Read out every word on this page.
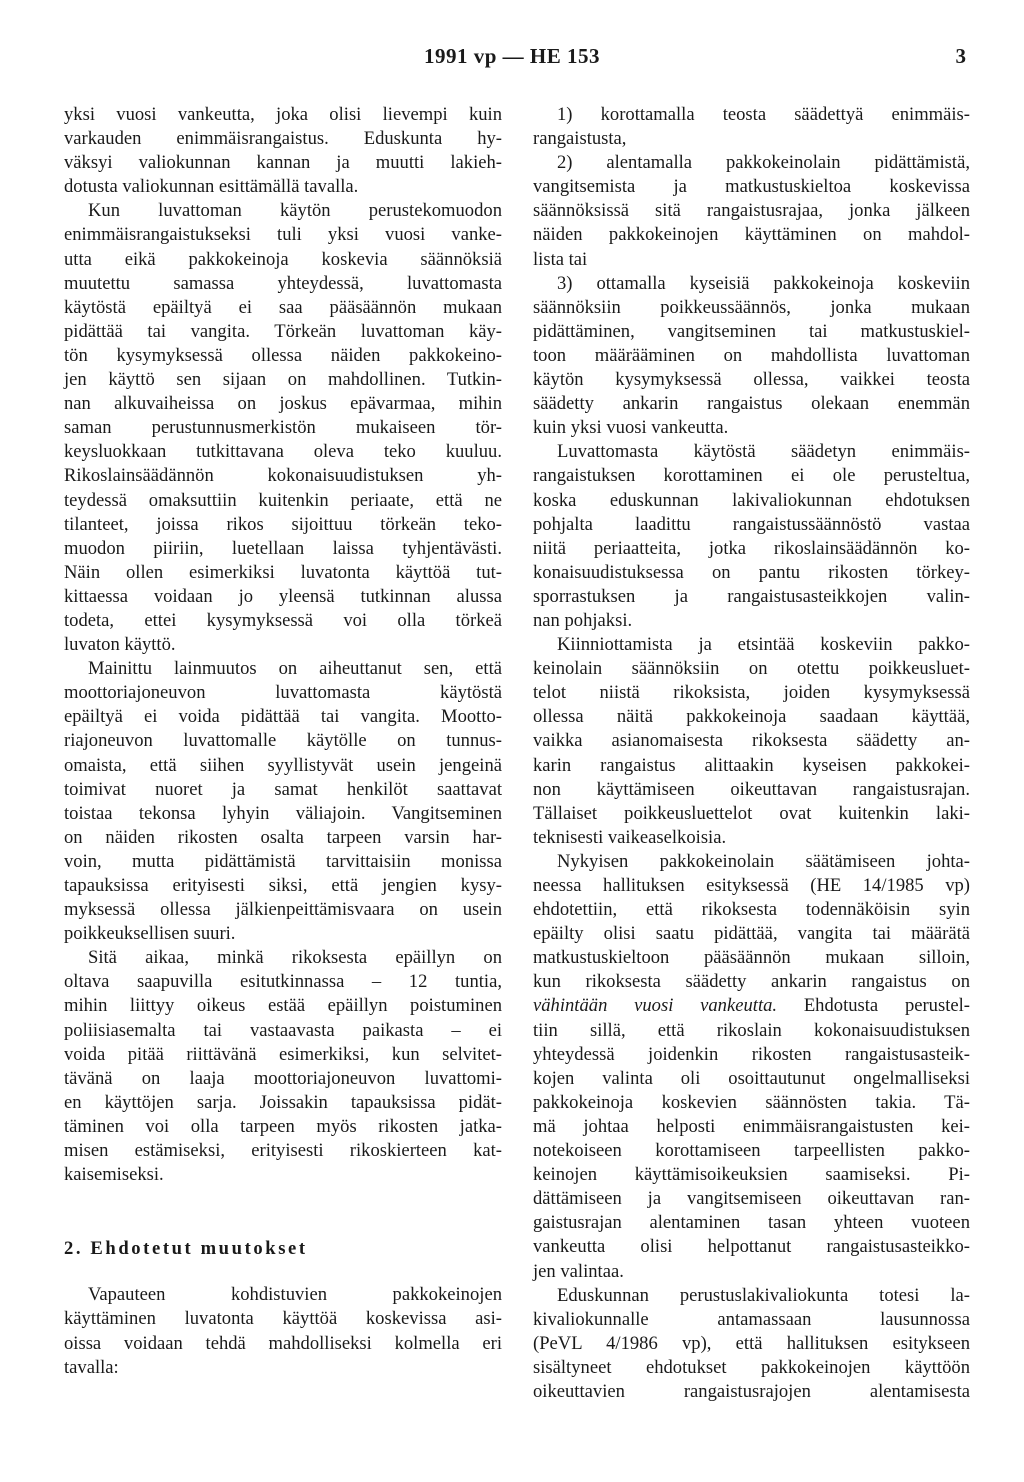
1991 vp — HE 153	3
yksi vuosi vankeutta, joka olisi lievempi kuin
varkauden enimmäisrangaistus. Eduskunta hy-
väksyi valiokunnan kannan ja muutti lakieh-
dotusta valiokunnan esittämällä tavalla.
Kun luvattoman käytön perustekomuodon
enimmäisrangaistukseksi tuli yksi vuosi vanke-
utta eikä pakkokeinoja koskevia säännöksiä
muutettu samassa yhteydessä, luvattomasta
käytöstä epäiltyä ei saa pääsäännön mukaan
pidättää tai vangita. Törkeän luvattoman käy-
tön kysymyksessä ollessa näiden pakkokeino-
jen käyttö sen sijaan on mahdollinen. Tutkin-
nan alkuvaiheissa on joskus epävarmaa, mihin
saman perustunnusmerkistön mukaiseen tör-
keysluokkaan tutkittavana oleva teko kuuluu.
Rikoslainsäädännön kokonaisuudistuksen yh-
teydessä omaksuttiin kuitenkin periaate, että ne
tilanteet, joissa rikos sijoittuu törkeän teko-
muodon piiriin, luetellaan laissa tyhjentävästi.
Näin ollen esimerkiksi luvatonta käyttöä tut-
kittaessa voidaan jo yleensä tutkinnan alussa
todeta, ettei kysymyksessä voi olla törkeä
luvaton käyttö.
Mainittu lainmuutos on aiheuttanut sen, että
moottoriajoneuvon luvattomasta käytöstä
epäiltyä ei voida pidättää tai vangita. Mootto-
riajoneuvon luvattomalle käytölle on tunnus-
omaista, että siihen syyllistyvät usein jengeinä
toimivat nuoret ja samat henkilöt saattavat
toistaa tekonsa lyhyin väliajoin. Vangitseminen
on näiden rikosten osalta tarpeen varsin har-
voin, mutta pidättämistä tarvittaisiin monissa
tapauksissa erityisesti siksi, että jengien kysy-
myksessä ollessa jälkienpeittämisvaara on usein
poikkeuksellisen suuri.
Sitä aikaa, minkä rikoksesta epäillyn on
oltava saapuvilla esitutkinnassa – 12 tuntia,
mihin liittyy oikeus estää epäillyn poistuminen
poliisiasemalta tai vastaavasta paikasta – ei
voida pitää riittävänä esimerkiksi, kun selvitet-
tävänä on laaja moottoriajoneuvon luvattomi-
en käyttöjen sarja. Joissakin tapauksissa pidät-
täminen voi olla tarpeen myös rikosten jatka-
misen estämiseksi, erityisesti rikoskierteen kat-
kaisemiseksi.
2. Ehdotetut muutokset
Vapauteen kohdistuvien pakkokeinojen
käyttäminen luvatonta käyttöä koskevissa asi-
oissa voidaan tehdä mahdolliseksi kolmella eri
tavalla:
1) korottamalla teosta säädettyä enimmäis-
rangaistusta,
2) alentamalla pakkokeinolain pidättämistä,
vangitsemista ja matkustuskieltoa koskevissa
säännöksissä sitä rangaistusrajaa, jonka jälkeen
näiden pakkokeinojen käyttäminen on mahdol-
lista tai
3) ottamalla kyseisiä pakkokeinoja koskeviin
säännöksiin poikkeussäännös, jonka mukaan
pidättäminen, vangitseminen tai matkustuskiel-
toon määrääminen on mahdollista luvattoman
käytön kysymyksessä ollessa, vaikkei teosta
säädetty ankarin rangaistus olekaan enemmän
kuin yksi vuosi vankeutta.
Luvattomasta käytöstä säädetyn enimmäis-
rangaistuksen korottaminen ei ole perusteltua,
koska eduskunnan lakivaliokunnan ehdotuksen
pohjalta laadittu rangaistussäännöstö vastaa
niitä periaatteita, jotka rikoslainsäädännön ko-
konaisuudistuksessa on pantu rikosten törkey-
sporrastuksen ja rangaistusasteikkojen valin-
nan pohjaksi.
Kiinniottamista ja etsintää koskeviin pakko-
keinolain säännöksiin on otettu poikkeusluet-
telot niistä rikoksista, joiden kysymyksessä
ollessa näitä pakkokeinoja saadaan käyttää,
vaikka asianomaisesta rikoksesta säädetty an-
karin rangaistus alittaakin kyseisen pakkokei-
non käyttämiseen oikeuttavan rangaistusrajan.
Tällaiset poikkeusluettelot ovat kuitenkin laki-
teknisesti vaikeaselkoisia.
Nykyisen pakkokeinolain säätämiseen johta-
neessa hallituksen esityksessä (HE 14/1985 vp)
ehdotettiin, että rikoksesta todennäköisin syin
epäilty olisi saatu pidättää, vangita tai määrätä
matkustuskieltoon pääsäännön mukaan silloin,
kun rikoksesta säädetty ankarin rangaistus on
vähintään vuosi vankeutta. Ehdotusta perustel-
tiin sillä, että rikoslain kokonaisuudistuksen
yhteydessä joidenkin rikosten rangaistusasteik-
kojen valinta oli osoittautunut ongelmalliseksi
pakkokeinoja koskevien säännösten takia. Tä-
mä johtaa helposti enimmäisrangaistusten kei-
notekoiseen korottamiseen tarpeellisten pakko-
keinojen käyttämisoikeuksien saamiseksi. Pi-
dättämiseen ja vangitsemiseen oikeuttavan ran-
gaistusrajan alentaminen tasan yhteen vuoteen
vankeutta olisi helpottanut rangaistusasteikko-
jen valintaa.
Eduskunnan perustuslakivaliokunta totesi la-
kivaliokunnalle antamassaan lausunnossa
(PeVL 4/1986 vp), että hallituksen esitykseen
sisältyneet ehdotukset pakkokeinojen käyttöön
oikeuttavien rangaistusrajojen alentamisesta
